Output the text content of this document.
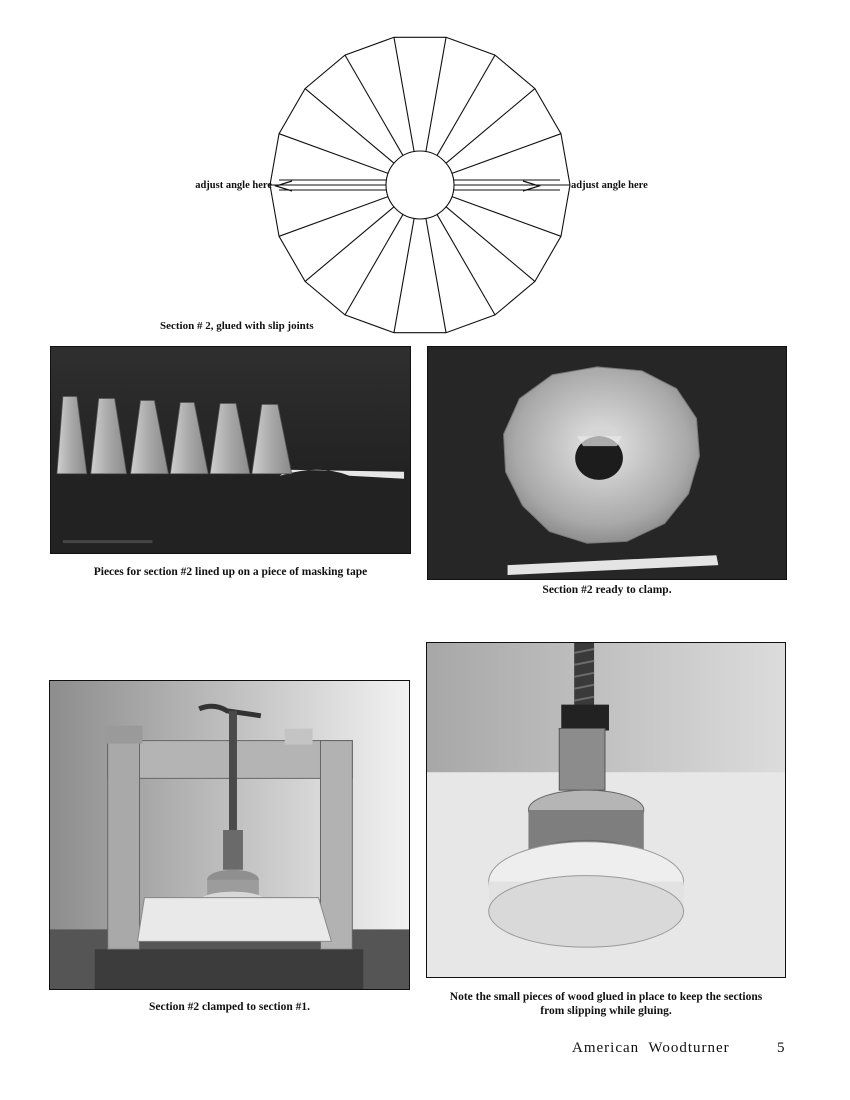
adjust angle here	adjust angle here
Section # 2, glued with slip joints
Pieces for section #2 lined up on a piece of masking tape
Section #2 ready to clamp.
Section #2 clamped to section #1.
Note the small pieces of wood glued in place to keep the sections
from slipping while gluing.
American  Woodturner	5
